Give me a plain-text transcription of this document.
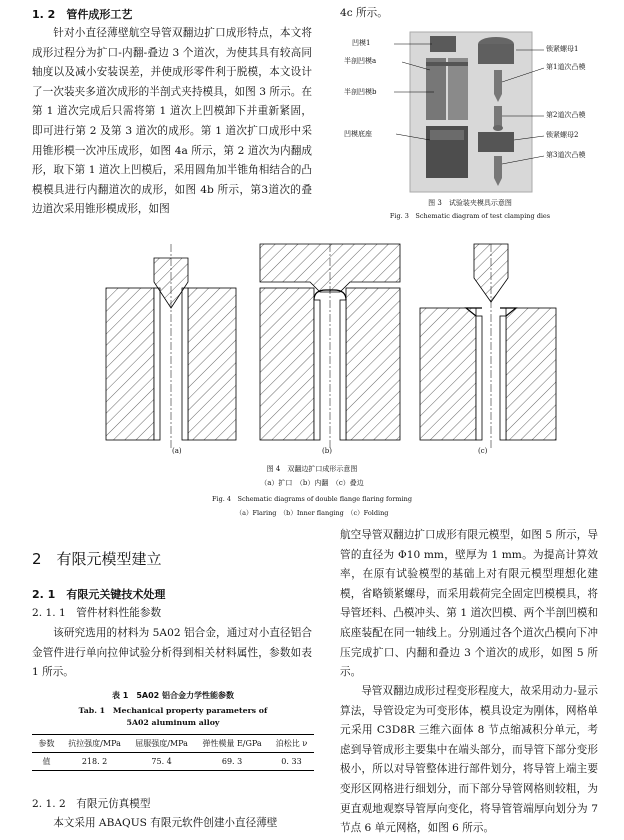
1. 2　管件成形工艺
针对小直径薄壁航空导管双翻边扩口成形特点，本文将成形过程分为扩口-内翻-叠边 3 个道次，为使其具有较高同轴度以及减小安装误差，并使成形零件利于脱模，本文设计了一次装夹多道次成形的半剖式夹持模具，如图 3 所示。在第 1 道次完成后只需将第 1 道次上凹模卸下并重新紧固，即可进行第 2 及第 3 道次的成形。第 1 道次扩口成形中采用锥形模一次冲压成形，如图 4a 所示，第 2 道次为内翻成形，取下第 1 道次上凹模后，采用圆角加半锥角相结合的凸模模具进行内翻道次的成形，如图 4b 所示，第3道次的叠边道次采用锥形模成形，如图
4c 所示。
凹模1
半剖凹模a
半剖凹模b
凹模底座
锁紧螺母1
第1道次凸模
第2道次凸模
锁紧螺母2
第3道次凸模
图 3　试验装夹模具示意图
Fig. 3　Schematic diagram of test clamping dies
(a)	(b)	(c)
图 4　双翻边扩口成形示意图
（a）扩口　（b）内翻　（c）叠边
Fig. 4　Schematic diagrams of double flange flaring forming
（a）Flaring　（b）Inner flanging　（c）Folding
2　有限元模型建立
2. 1　有限元关键技术处理
2. 1. 1　管件材料性能参数
该研究选用的材料为 5A02 铝合金，通过对小直径铝合金管件进行单向拉伸试验分析得到相关材料属性，参数如表 1 所示。
表 1　5A02 铝合金力学性能参数
Tab. 1　Mechanical property parameters of
5A02 aluminum alloy
参数	抗拉强度/MPa	屈服强度/MPa	弹性模量 E/GPa	泊松比 ν
值	218. 2	75. 4	69. 3	0. 33
2. 1. 2　有限元仿真模型
本文采用 ABAQUS 有限元软件创建小直径薄壁
航空导管双翻边扩口成形有限元模型，如图 5 所示，导管的直径为 Φ10 mm，壁厚为 1 mm。为提高计算效率，在原有试验模型的基础上对有限元模型理想化建模，省略锁紧螺母，而采用载荷完全固定凹模模具，将导管坯料、凸模冲头、第 1 道次凹模、两个半剖凹模和底座装配在同一轴线上。分别通过各个道次凸模向下冲压完成扩口、内翻和叠边 3 个道次的成形，如图 5 所示。
导管双翻边成形过程变形程度大，故采用动力-显示算法，导管设定为可变形体，模具设定为刚体，网格单元采用 C3D8R 三维六面体 8 节点缩减积分单元，考虑到导管成形主要集中在端头部分，而导管下部分变形极小，所以对导管整体进行部件划分，将导管上端主要变形区网格进行细划分，而下部分导管网格则较粗，为更直观地观察导管厚向变化，将导管管端厚向划分为 7 节点 6 单元网格，如图 6 所示。
